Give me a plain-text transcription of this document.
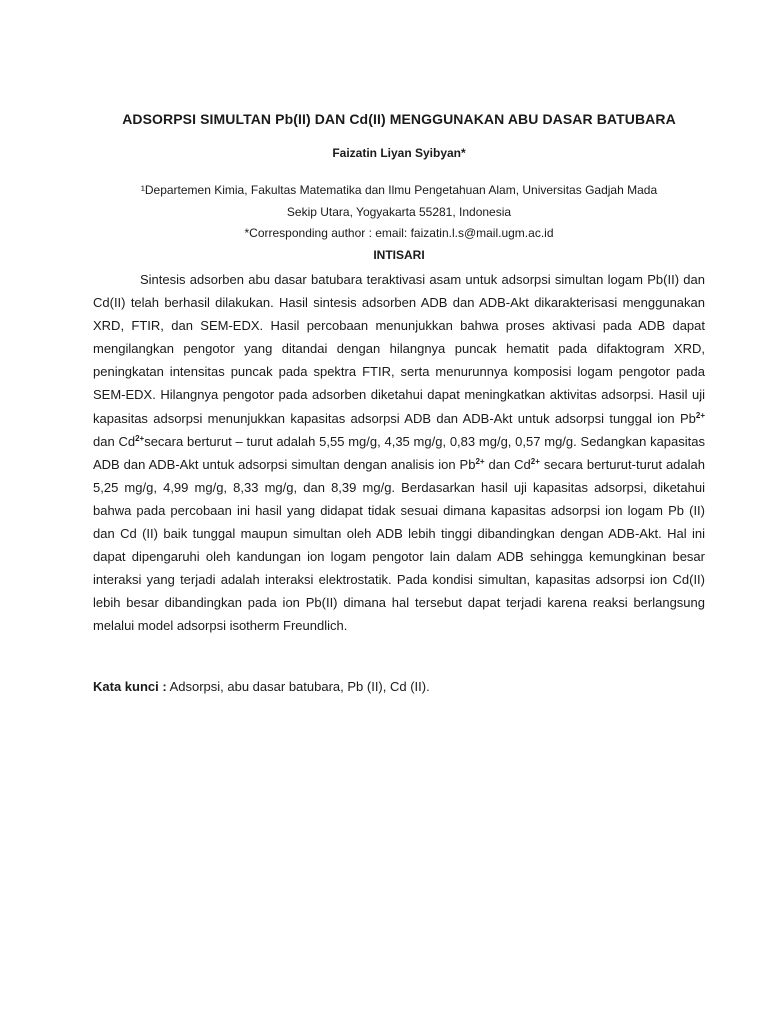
ADSORPSI SIMULTAN Pb(II) DAN Cd(II) MENGGUNAKAN ABU DASAR BATUBARA
Faizatin Liyan Syibyan*
¹Departemen Kimia, Fakultas Matematika dan Ilmu Pengetahuan Alam, Universitas Gadjah Mada
Sekip Utara, Yogyakarta 55281, Indonesia
*Corresponding author : email: faizatin.l.s@mail.ugm.ac.id
INTISARI

Sintesis adsorben abu dasar batubara teraktivasi asam untuk adsorpsi simultan logam Pb(II) dan Cd(II) telah berhasil dilakukan. Hasil sintesis adsorben ADB dan ADB-Akt dikarakterisasi menggunakan XRD, FTIR, dan SEM-EDX. Hasil percobaan menunjukkan bahwa proses aktivasi pada ADB dapat mengilangkan pengotor yang ditandai dengan hilangnya puncak hematit pada difaktogram XRD, peningkatan intensitas puncak pada spektra FTIR, serta menurunnya komposisi logam pengotor pada SEM-EDX. Hilangnya pengotor pada adsorben diketahui dapat meningkatkan aktivitas adsorpsi. Hasil uji kapasitas adsorpsi menunjukkan kapasitas adsorpsi ADB dan ADB-Akt untuk adsorpsi tunggal ion $Pb^{2+}$ dan $Cd^{2+}secara$ berturut – turut adalah 5,55 mg/g, 4,35 mg/g, 0,83 mg/g, 0,57 mg/g. Sedangkan kapasitas ADB dan ADB-Akt untuk adsorpsi simultan dengan analisis ion $Pb^{2+}$ dan $Cd^{2+}$ secara berturut-turut adalah 5,25 mg/g, 4,99 mg/g, 8,33 mg/g, dan 8,39 mg/g. Berdasarkan hasil uji kapasitas adsorpsi, diketahui bahwa pada percobaan ini hasil yang didapat tidak sesuai dimana kapasitas adsorpsi ion logam Pb (II) dan Cd (II) baik tunggal maupun simultan oleh ADB lebih tinggi dibandingkan dengan ADB-Akt. Hal ini dapat dipengaruhi oleh kandungan ion logam pengotor lain dalam ADB sehingga kemungkinan besar interaksi yang terjadi adalah interaksi elektrostatik. Pada kondisi simultan, kapasitas adsorpsi ion Cd(II) lebih besar dibandingkan pada ion Pb(II) dimana hal tersebut dapat terjadi karena reaksi berlangsung melalui model adsorpsi isotherm Freundlich.

Kata kunci : Adsorpsi, abu dasar batubara, Pb (II), Cd (II).
